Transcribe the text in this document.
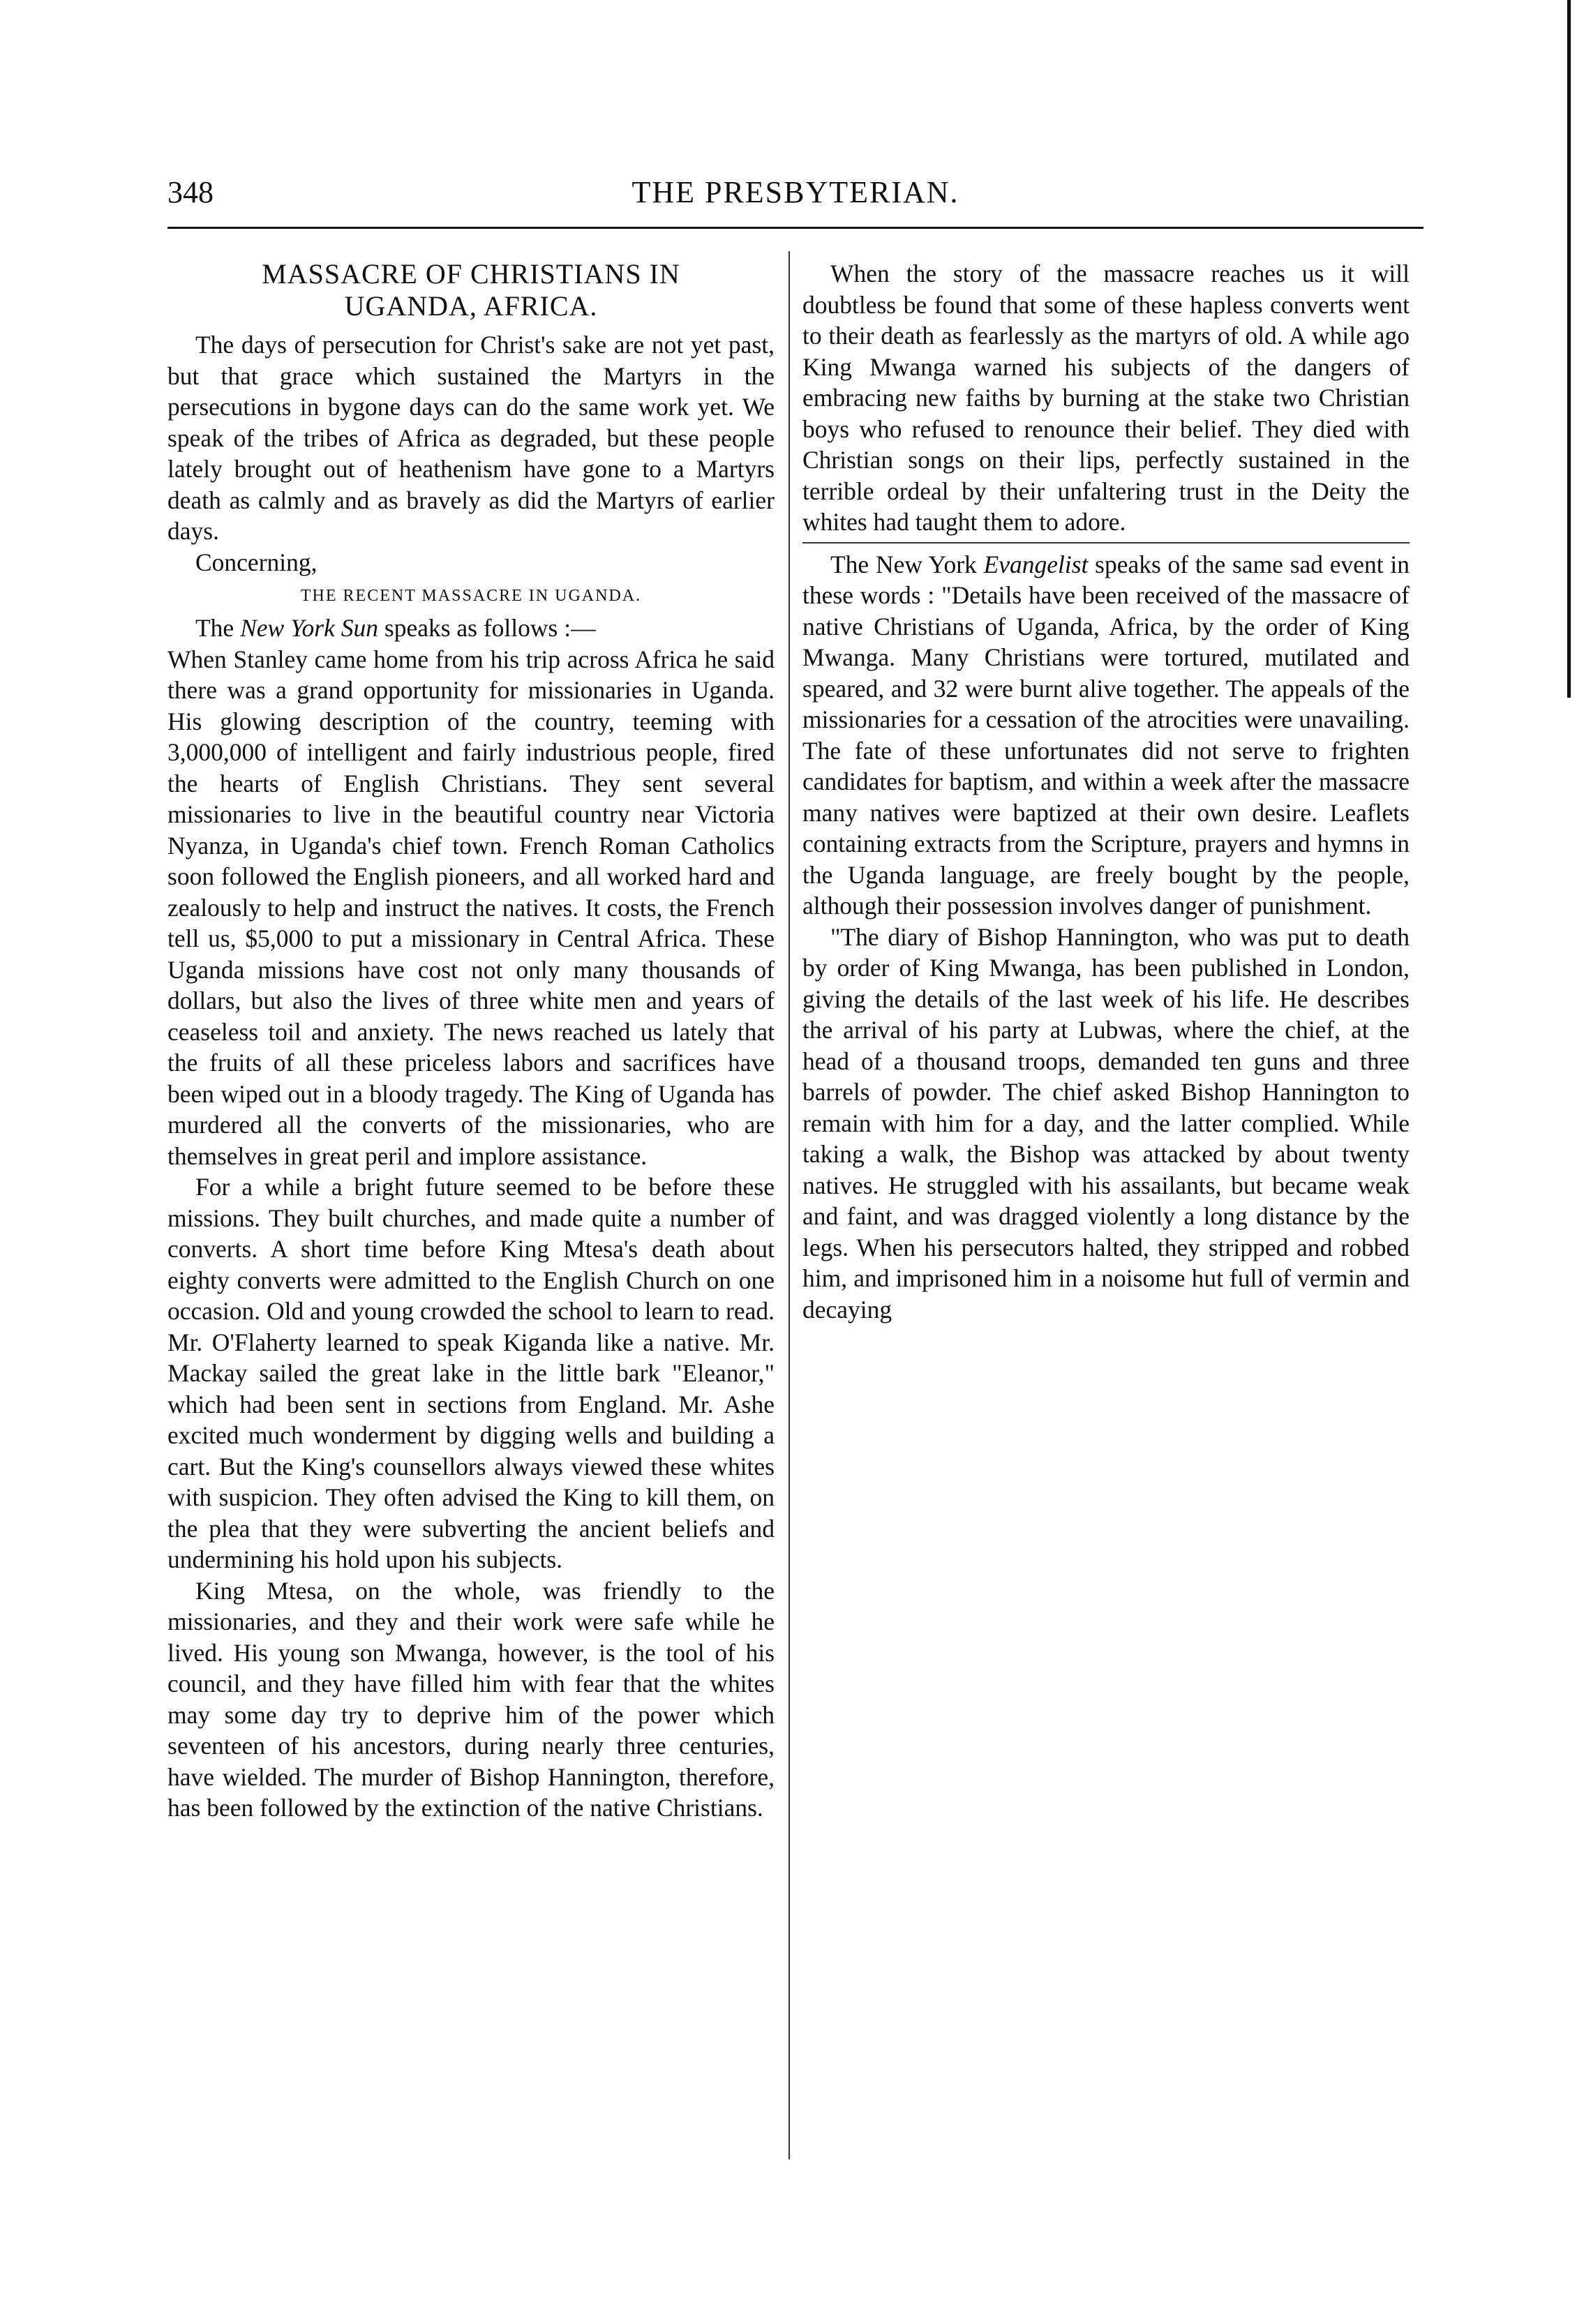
348	THE PRESBYTERIAN.
MASSACRE OF CHRISTIANS IN
UGANDA, AFRICA.

The days of persecution for Christ's sake are not yet past, but that grace which sustained the Martyrs in the persecutions in bygone days can do the same work yet. We speak of the tribes of Africa as degraded, but these people lately brought out of heathenism have gone to a Martyrs death as calmly and as bravely as did the Martyrs of earlier days.

Concerning,

THE RECENT MASSACRE IN UGANDA.

The New York Sun speaks as follows :—

When Stanley came home from his trip across Africa he said there was a grand opportunity for missionaries in Uganda. His glowing description of the country, teeming with 3,000,000 of intelligent and fairly industrious people, fired the hearts of English Christians. They sent several missionaries to live in the beautiful country near Victoria Nyanza, in Uganda's chief town. French Roman Catholics soon followed the English pioneers, and all worked hard and zealously to help and instruct the natives. It costs, the French tell us, $5,000 to put a missionary in Central Africa. These Uganda missions have cost not only many thousands of dollars, but also the lives of three white men and years of ceaseless toil and anxiety. The news reached us lately that the fruits of all these priceless labors and sacrifices have been wiped out in a bloody tragedy. The King of Uganda has murdered all the converts of the missionaries, who are themselves in great peril and implore assistance.

For a while a bright future seemed to be before these missions. They built churches, and made quite a number of converts. A short time before King Mtesa's death about eighty converts were admitted to the English Church on one occasion. Old and young crowded the school to learn to read. Mr. O'Flaherty learned to speak Kiganda like a native. Mr. Mackay sailed the great lake in the little bark "Eleanor," which had been sent in sections from England. Mr. Ashe excited much wonderment by digging wells and building a cart. But the King's counsellors always viewed these whites with suspicion. They often advised the King to kill them, on the plea that they were subverting the ancient beliefs and undermining his hold upon his subjects.

King Mtesa, on the whole, was friendly to the missionaries, and they and their work were safe while he lived. His young son Mwanga, however, is the tool of his council, and they have filled him with fear that the whites may some day try to deprive him of the power which seventeen of his ancestors, during nearly three centuries, have wielded. The murder of Bishop Hannington, therefore, has been followed by the extinction of the native Christians.

When the story of the massacre reaches us it will doubtless be found that some of these hapless converts went to their death as fearlessly as the martyrs of old. A while ago King Mwanga warned his subjects of the dangers of embracing new faiths by burning at the stake two Christian boys who refused to renounce their belief. They died with Christian songs on their lips, perfectly sustained in the terrible ordeal by their unfaltering trust in the Deity the whites had taught them to adore.

The New York Evangelist speaks of the same sad event in these words : "Details have been received of the massacre of native Christians of Uganda, Africa, by the order of King Mwanga. Many Christians were tortured, mutilated and speared, and 32 were burnt alive together. The appeals of the missionaries for a cessation of the atrocities were unavailing. The fate of these unfortunates did not serve to frighten candidates for baptism, and within a week after the massacre many natives were baptized at their own desire. Leaflets containing extracts from the Scripture, prayers and hymns in the Uganda language, are freely bought by the people, although their possession involves danger of punishment.

"The diary of Bishop Hannington, who was put to death by order of King Mwanga, has been published in London, giving the details of the last week of his life. He describes the arrival of his party at Lubwas, where the chief, at the head of a thousand troops, demanded ten guns and three barrels of powder. The chief asked Bishop Hannington to remain with him for a day, and the latter complied. While taking a walk, the Bishop was attacked by about twenty natives. He struggled with his assailants, but became weak and faint, and was dragged violently a long distance by the legs. When his persecutors halted, they stripped and robbed him, and imprisoned him in a noisome hut full of vermin and decaying
